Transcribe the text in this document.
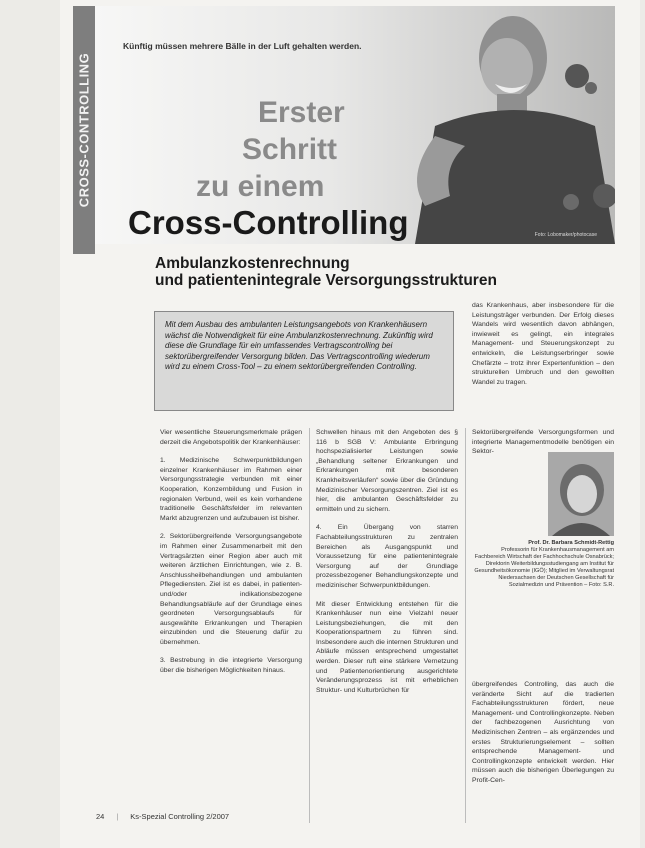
CROSS-CONTROLLING
Künftig müssen mehrere Bälle in der Luft gehalten werden.
Foto: Lobomaker/photocase
Erster
Schritt
zu einem
Cross-Controlling
Ambulanzkostenrechnung
und patientenintegrale Versorgungsstrukturen
Mit dem Ausbau des ambulanten Leistungsangebots von Krankenhäusern wächst die Notwendigkeit für eine Ambulanzkostenrechnung. Zukünftig wird diese die Grundlage für ein umfassendes Vertragscontrolling bei sektorübergreifender Versorgung bilden. Das Vertragscontrolling wiederum wird zu einem Cross-Tool – zu einem sektorübergreifenden Controlling.

Vier wesentliche Steuerungsmerkmale prägen derzeit die Angebotspolitik der Krankenhäuser:

1. Medizinische Schwerpunktbildungen einzelner Krankenhäuser im Rahmen einer Versorgungsstrategie verbunden mit einer Kooperation, Konzernbildung und Fusion in regionalen Verbund, weil es kein vorhandene traditionelle Geschäftsfelder im relevanten Markt abzugrenzen und aufzubauen ist bisher.

2. Sektorübergreifende Versorgungsangebote im Rahmen einer Zusammenarbeit mit den Vertragsärzten einer Region aber auch mit weiteren ärztlichen Einrichtungen, wie z. B. Anschlussheilbehandlungen und ambulanten Pflegediensten. Ziel ist es dabei, in patienten- und/oder indikationsbezogene Behandlungsabläufe auf der Grundlage eines geordneten Versorgungsablaufs für ausgewählte Erkrankungen und Therapien einzubinden und die Steuerung dafür zu übernehmen.

3. Bestrebung in die integrierte Versorgung über die bisherigen Möglichkeiten hinaus.

Schwellen hinaus mit den Angeboten des § 116 b SGB V: Ambulante Erbringung hochspezialisierter Leistungen sowie „Behandlung seltener Erkrankungen und Erkrankungen mit besonderen Krankheitsverläufen“ sowie über die Gründung Medizinischer Versorgungszentren. Ziel ist es hier, die ambulanten Geschäftsfelder zu ermitteln und zu sichern.

4. Ein Übergang von starren Fachabteilungsstrukturen zu zentralen Bereichen als Ausgangspunkt und Voraussetzung für eine patientenintegrale Versorgung auf der Grundlage prozessbezogener Behandlungskonzepte und medizinischer Schwerpunktbildungen.

Mit dieser Entwicklung entstehen für die Krankenhäuser nun eine Vielzahl neuer Leistungsbeziehungen, die mit den Kooperationspartnern zu führen sind. Insbesondere auch die internen Strukturen und Abläufe müssen entsprechend umgestaltet werden. Dieser ruft eine stärkere Vernetzung und Patientenorientierung ausgerichtete Veränderungsprozess ist mit erheblichen Struktur- und Kulturbrüchen für

das Krankenhaus, aber insbesondere für die Leistungsträger verbunden. Der Erfolg dieses Wandels wird wesentlich davon abhängen, inwieweit es gelingt, ein integrales Management- und Steuerungskonzept zu entwickeln, die Leistungserbringer sowie Chefärzte – trotz ihrer Expertenfunktion – den strukturellen Umbruch und den gewollten Wandel zu tragen.

Sektorübergreifende Versorgungsformen und integrierte Managementmodelle benötigen ein Sektor-

Prof. Dr. Barbara Schmidt-Rettig
Professorin für Krankenhausmanagement am Fachbereich Wirtschaft der Fachhochschule Osnabrück; Direktorin Weiterbildungsstudiengang am Institut für Gesundheitsökonomie (IGÖ); Mitglied im Verwaltungsrat Niedersachsen der Deutschen Gesellschaft für Sozialmedizin und Prävention – Foto: S.R.

übergreifendes Controlling, das auch die veränderte Sicht auf die tradierten Fachabteilungsstrukturen fördert, neue Management- und Controllingkonzepte. Neben der fachbezogenen Ausrichtung von Medizinischen Zentren – als ergänzendes und erstes Strukturierungselement – sollten entsprechende Management- und Controllingkonzepte entwickelt werden. Hier müssen auch die bisherigen Überlegungen zu Profit-Cen-

24 | Ks-Spezial Controlling 2/2007
